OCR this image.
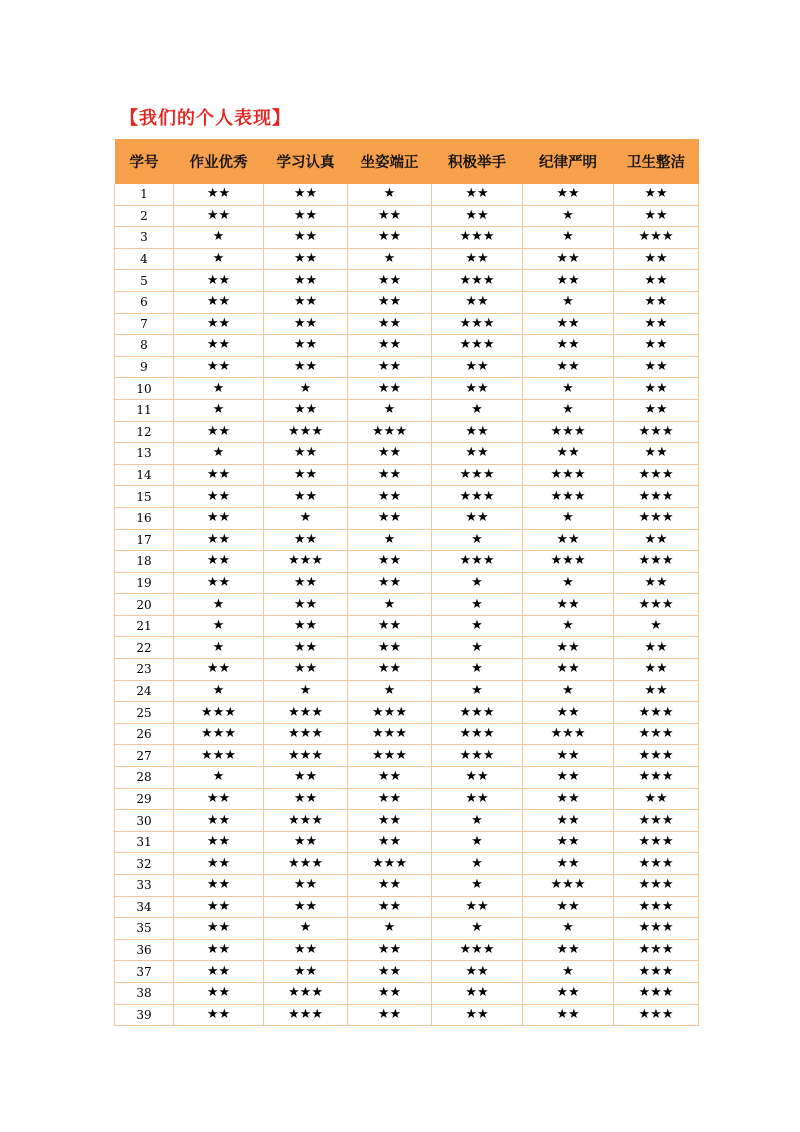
【我们的个人表现】
学号	作业优秀	学习认真	坐姿端正	积极举手	纪律严明	卫生整洁
1	★★	★★	★	★★	★★	★★
2	★★	★★	★★	★★	★	★★
3	★	★★	★★	★★★	★	★★★
4	★	★★	★	★★	★★	★★
5	★★	★★	★★	★★★	★★	★★
6	★★	★★	★★	★★	★	★★
7	★★	★★	★★	★★★	★★	★★
8	★★	★★	★★	★★★	★★	★★
9	★★	★★	★★	★★	★★	★★
10	★	★	★★	★★	★	★★
11	★	★★	★	★	★	★★
12	★★	★★★	★★★	★★	★★★	★★★
13	★	★★	★★	★★	★★	★★
14	★★	★★	★★	★★★	★★★	★★★
15	★★	★★	★★	★★★	★★★	★★★
16	★★	★	★★	★★	★	★★★
17	★★	★★	★	★	★★	★★
18	★★	★★★	★★	★★★	★★★	★★★
19	★★	★★	★★	★	★	★★
20	★	★★	★	★	★★	★★★
21	★	★★	★★	★	★	★
22	★	★★	★★	★	★★	★★
23	★★	★★	★★	★	★★	★★
24	★	★	★	★	★	★★
25	★★★	★★★	★★★	★★★	★★	★★★
26	★★★	★★★	★★★	★★★	★★★	★★★
27	★★★	★★★	★★★	★★★	★★	★★★
28	★	★★	★★	★★	★★	★★★
29	★★	★★	★★	★★	★★	★★
30	★★	★★★	★★	★	★★	★★★
31	★★	★★	★★	★	★★	★★★
32	★★	★★★	★★★	★	★★	★★★
33	★★	★★	★★	★	★★★	★★★
34	★★	★★	★★	★★	★★	★★★
35	★★	★	★	★	★	★★★
36	★★	★★	★★	★★★	★★	★★★
37	★★	★★	★★	★★	★	★★★
38	★★	★★★	★★	★★	★★	★★★
39	★★	★★★	★★	★★	★★	★★★
